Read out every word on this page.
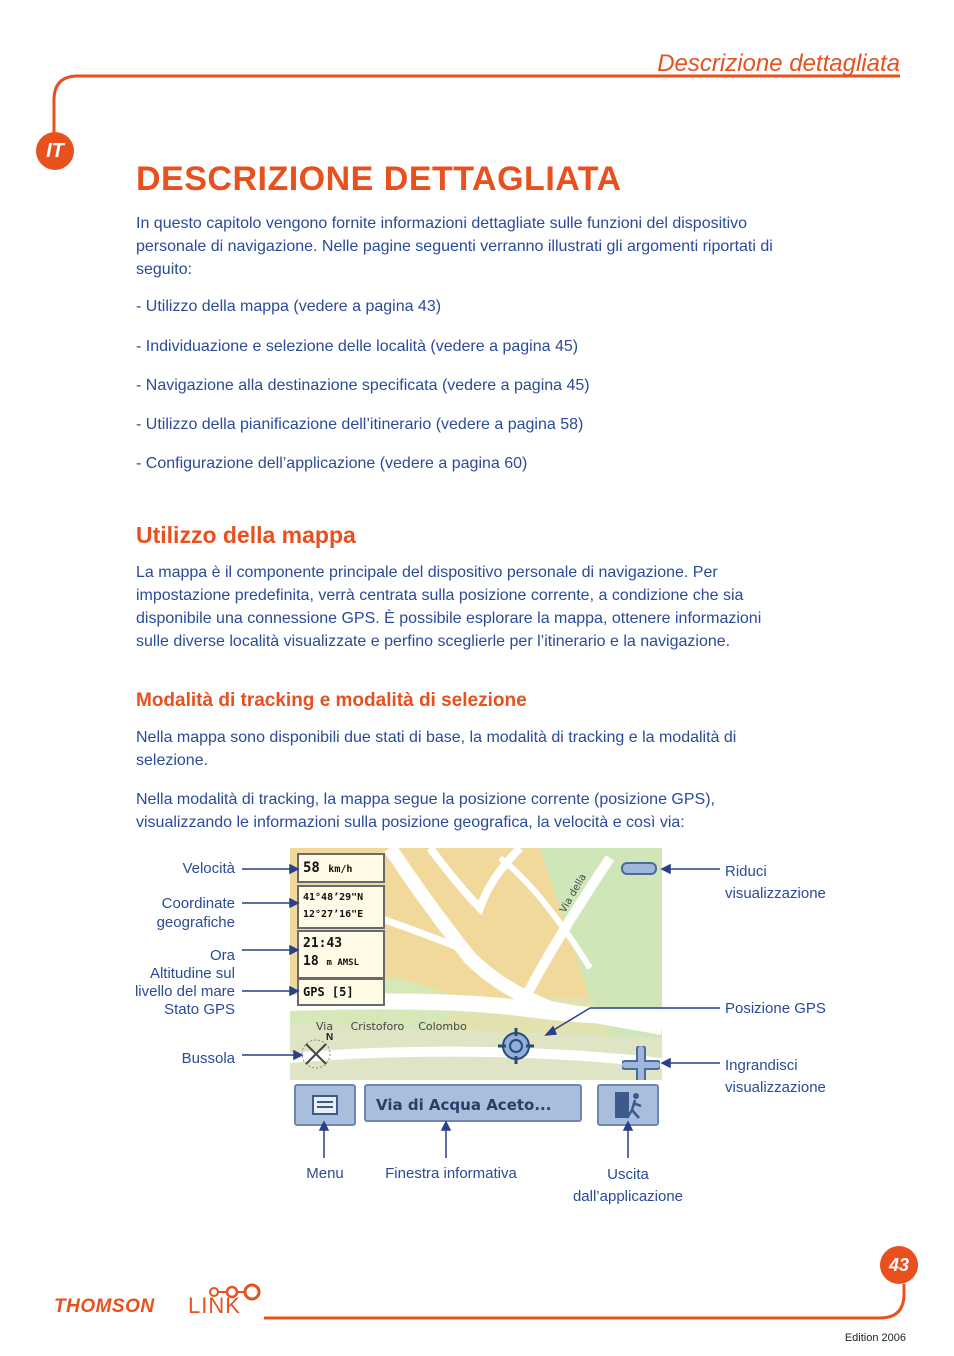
Descrizione dettagliata
IT
DESCRIZIONE DETTAGLIATA
In questo capitolo vengono fornite informazioni dettagliate sulle funzioni del dispositivo
personale di navigazione. Nelle pagine seguenti verranno illustrati gli argomenti riportati di
seguito:
- Utilizzo della mappa (vedere a pagina 43)
- Individuazione e selezione delle località (vedere a pagina 45)
- Navigazione alla destinazione specificata (vedere a pagina 45)
- Utilizzo della pianificazione dell’itinerario (vedere a pagina 58)
- Configurazione dell’applicazione (vedere a pagina 60)
Utilizzo della mappa
La mappa è il componente principale del dispositivo personale di navigazione. Per
impostazione predefinita, verrà centrata sulla posizione corrente, a condizione che sia
disponibile una connessione GPS. È possibile esplorare la mappa, ottenere informazioni
sulle diverse località visualizzate e perfino sceglierle per l’itinerario e la navigazione.
Modalità di tracking e modalità di selezione
Nella mappa sono disponibili due stati di base, la modalità di tracking e la modalità di
selezione.
Nella modalità di tracking, la mappa segue la posizione corrente (posizione GPS),
visualizzando le informazioni sulla posizione geografica, la velocità e così via:
Via della
Via     Cristoforo    Colombo
58 km/h
41°48’29"N
12°27’16"E
21:43
18 m AMSL
GPS [5]
N
Via di Acqua Aceto...
Velocità
Coordinate
geografiche
Ora
Altitudine sul
livello del mare
Stato GPS
Bussola
Riduci
visualizzazione
Posizione GPS
Ingrandisci
visualizzazione
Menu	Finestra informativa	Uscita
dall’applicazione
43
THOMSON LINK
Edition 2006
